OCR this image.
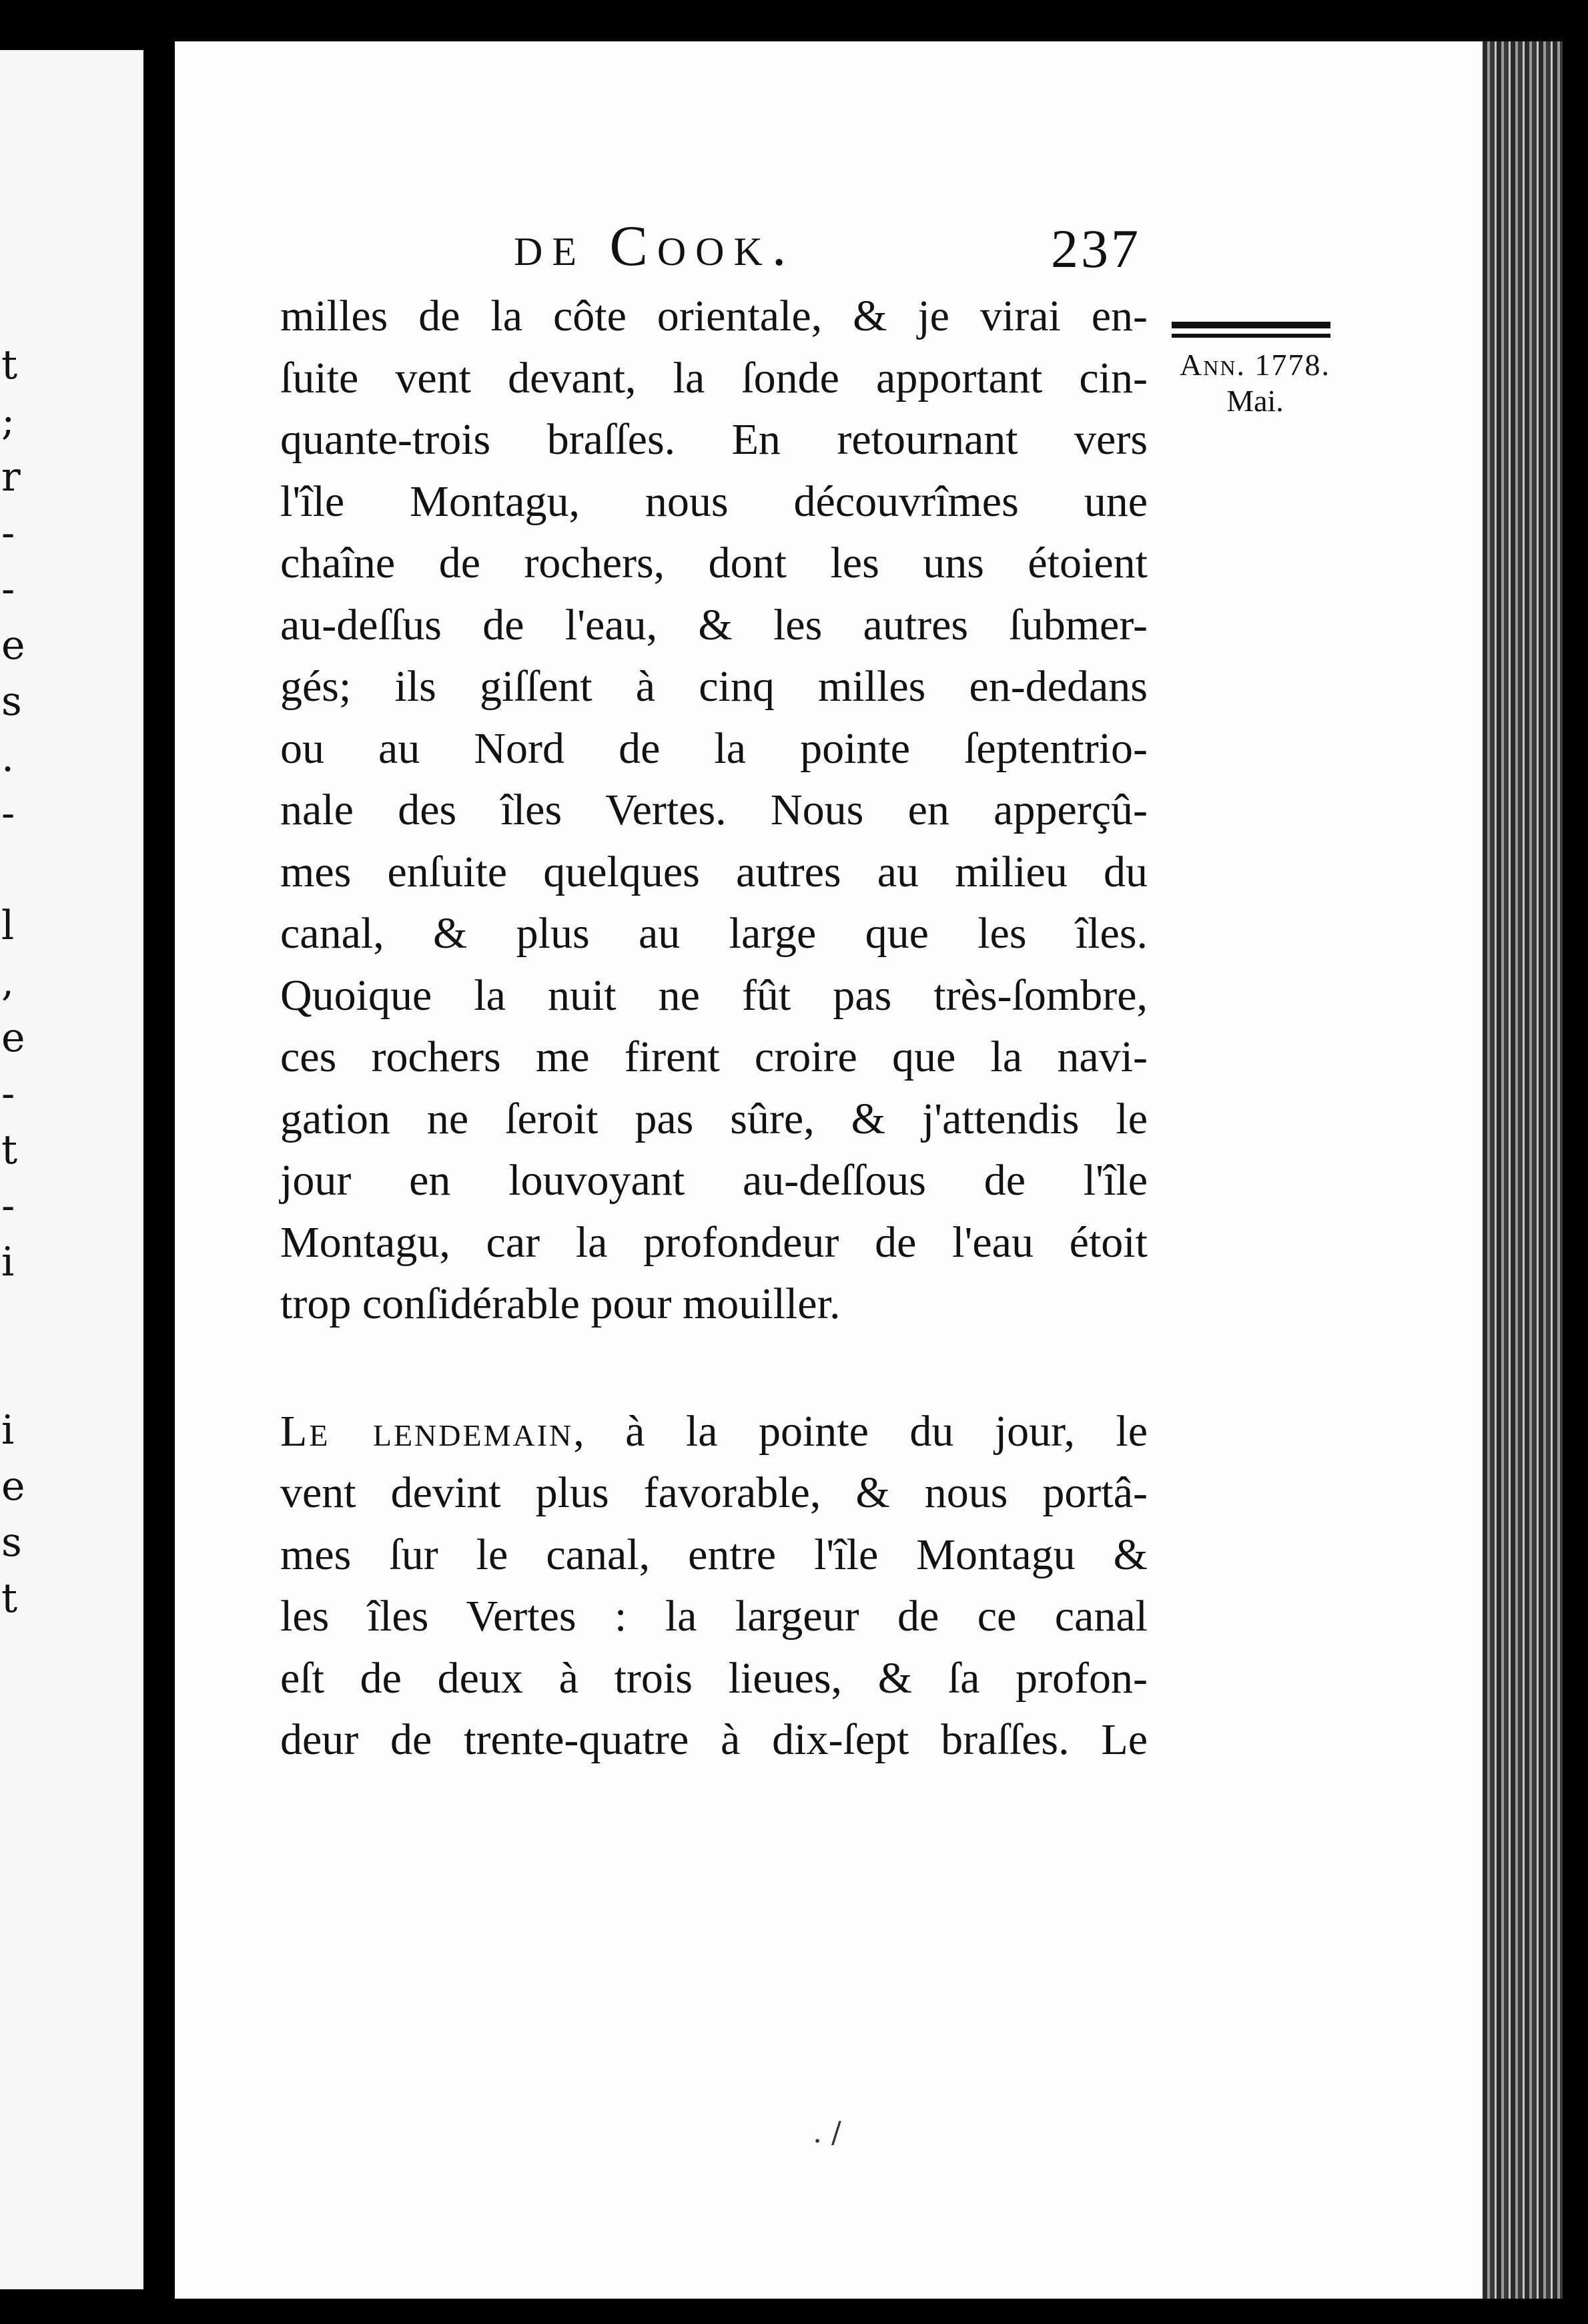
t
;
r
-
-
e
s
.
-

l
,
e
-
t
-
i

i
e
s
t
de Cook.	237
Ann. 1778.
Mai.
milles de la côte orientale, & je virai en-
ſuite vent devant, la ſonde apportant cin-
quante-trois braſſes. En retournant vers
l'île Montagu, nous découvrîmes une
chaîne de rochers, dont les uns étoient
au-deſſus de l'eau, & les autres ſubmer-
gés; ils giſſent à cinq milles en-dedans
ou au Nord de la pointe ſeptentrio-
nale des îles Vertes. Nous en apperçû-
mes enſuite quelques autres au milieu du
canal, & plus au large que les îles.
Quoique la nuit ne fût pas très-ſombre,
ces rochers me firent croire que la navi-
gation ne ſeroit pas sûre, & j'attendis le
jour en louvoyant au-deſſous de l'île
Montagu, car la profondeur de l'eau étoit
trop conſidérable pour mouiller.
Le lendemain, à la pointe du jour, le
vent devint plus favorable, & nous portâ-
mes ſur le canal, entre l'île Montagu &
les îles Vertes : la largeur de ce canal
eſt de deux à trois lieues, & ſa profon-
deur de trente-quatre à dix-ſept braſſes. Le
. /
